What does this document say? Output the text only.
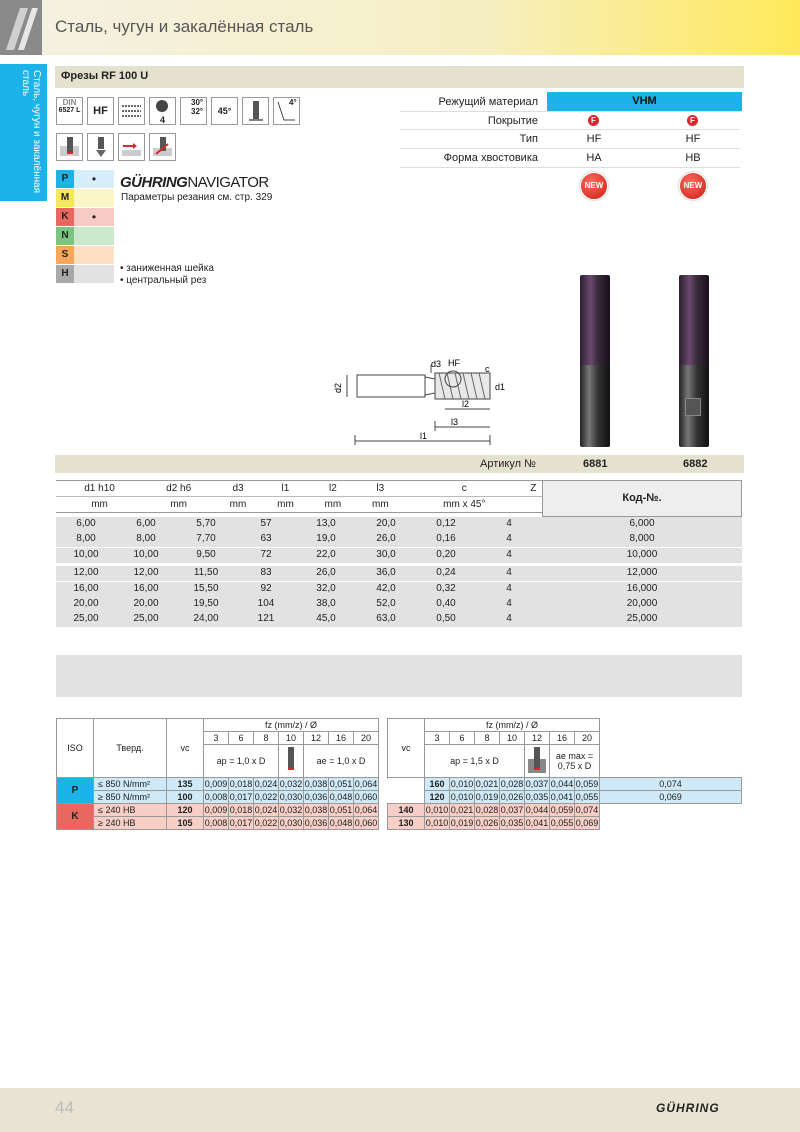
Сталь, чугун и закалённая сталь
Сталь, чугун и закалённая сталь	Фрезы RF 100 U
DIN
6527 L	HF
4
30°
32°	45°
4°
P	•
M
K	•
N
S
H
GÜHRINGNAVIGATOR
Параметры резания см. стр. 329
• заниженная шейка
• центральный рез
Режущий материал	VHM
Покрытие	F	F
Тип	HF	HF
Форма хвостовика	HA	HB
NEW	NEW
d2
d3 HF
c
d1
l2
l3
l1
Артикул №	6881	6882
d1 h10	d2 h6	d3	l1	l2	l3	c	Z
mm	mm	mm	mm	mm	mm	mm x 45°	
Код-№.
6,00	6,00	5,70	57	13,0	20,0	0,12	4	6,000
8,00	8,00	7,70	63	19,0	26,0	0,16	4	8,000
10,00	10,00	9,50	72	22,0	30,0	0,20	4	10,000
12,00	12,00	11,50	83	26,0	36,0	0,24	4	12,000
16,00	16,00	15,50	92	32,0	42,0	0,32	4	16,000
20,00	20,00	19,50	104	38,0	52,0	0,40	4	20,000
25,00	25,00	24,00	121	45,0	63,0	0,50	4	25,000
ISO	Тверд.	vc	fz (mm/z) / Ø								vc	fz (mm/z) / Ø							
			3	6	8	10	12	16	20			3	6	8	10	12	16	20	
			ap = 1,0 x D				ae = 1,0 x D					ap = 1,5 x D					ae max = 0,75 x D		

P	≤ 850 N/mm²	135	0,009	0,018	0,024	0,032	0,038	0,051	0,064			160	0,010	0,021	0,028	0,037	0,044	0,059	0,074
	≥ 850 N/mm²	100	0,008	0,017	0,022	0,030	0,036	0,048	0,060			120	0,010	0,019	0,026	0,035	0,041	0,055	0,069
K	≤ 240 HB	120	0,009	0,018	0,024	0,032	0,038	0,051	0,064		140	0,010	0,021	0,028	0,037	0,044	0,059	0,074	
	≥ 240 HB	105	0,008	0,017	0,022	0,030	0,036	0,048	0,060		130	0,010	0,019	0,026	0,035	0,041	0,055	0,069	
44	GÜHRING
